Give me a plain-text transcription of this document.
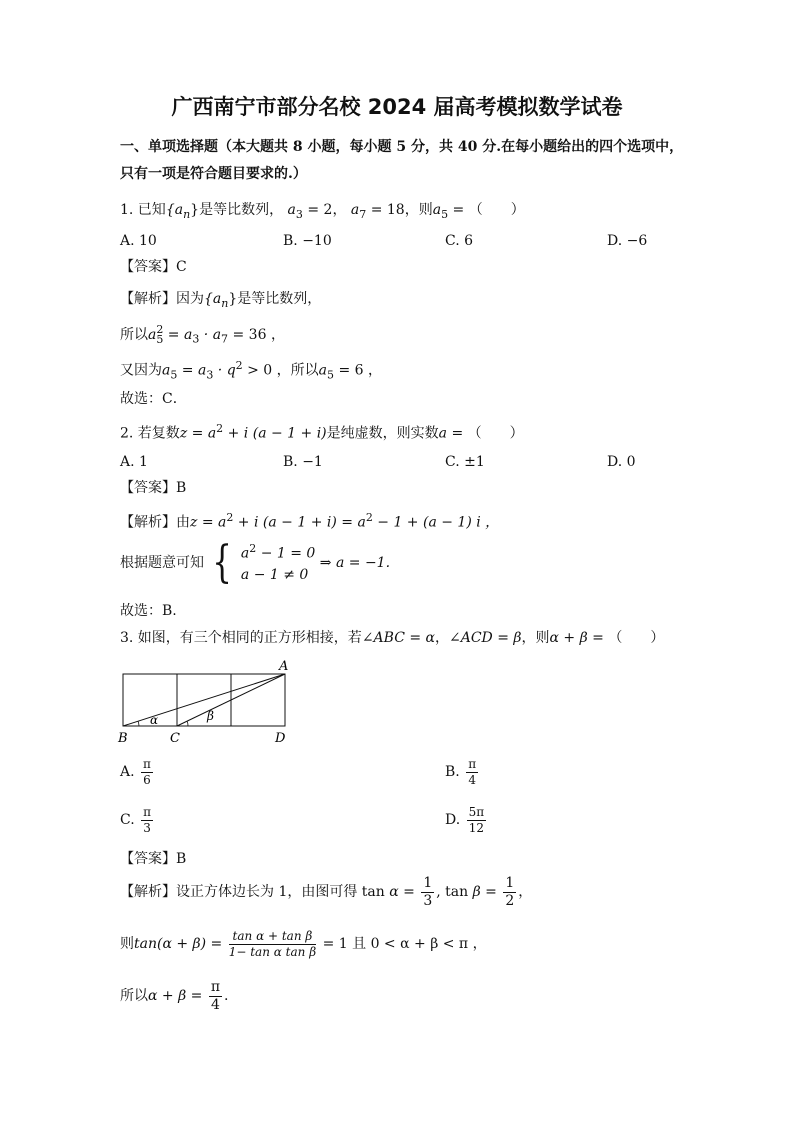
广西南宁市部分名校 2024 届高考模拟数学试卷
一、单项选择题（本大题共 8 小题，每小题 5 分，共 40 分.在每小题给出的四个选项中，
只有一项是符合题目要求的.）
1. 已知$\{a_n\}$是等比数列， $a_3 = 2$， $a_7 = 18$，则$a_5$ = （　　）
A. 10	B. −10	C. 6	D. −6
【答案】C
【解析】因为$\{a_n\}$是等比数列，
所以a 2
$5 = a_3 \cdot a_7 = 36$ ，
又因为$a_5 = a_3 \cdot q^2 > 0$ ，所以$a_5 = 6$ ，
故选：C．
2. 若复数$z = a^2 + i$ (a − 1 + i)是纯虚数，则实数a = （　　）
A. 1	B. −1	C. ±1	D. 0
【答案】B
【解析】由$z = a^2 + i$ $(a - 1 + i) = a^2 - 1 + (a - 1)$ i ，
根据题意可知 { $a^2 - 1 = 0$
a − 1 ≠ 0
⇒ a = −1.
故选：B.
3. 如图，有三个相同的正方形相接，若∠ABC = α，∠ACD = β，则α + β = （　　）
A
B	C	D
α	β
A. $\frac{\pi}{6}$	B. $\frac{\pi}{4}$
C. $\frac{\pi}{3}$	D. $\frac{5\pi}{12}$
【答案】B
【解析】设正方体边长为 1，由图可得 $\tan \alpha = \frac{1}{3}$ , $\tan \beta = \frac{1}{2}$ ，
则$\tan(\alpha + \beta) = \frac{\text{tan α + tan β}}{\text{1− tan α tan β}} = 1$ 且 0 < α + β < π ，
所以$\alpha + \beta = \frac{\pi}{4}$ .
